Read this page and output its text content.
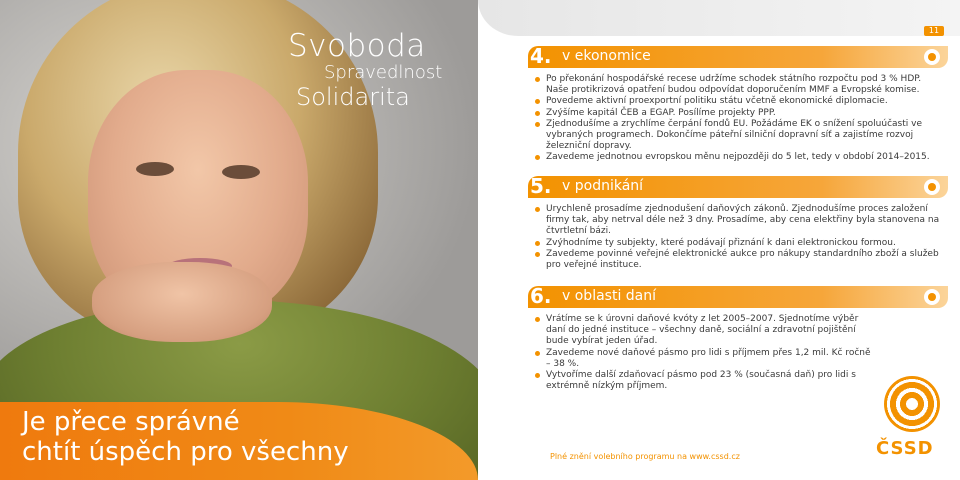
Svoboda
Spravedlnost
Solidarita
Je přece správné
chtít úspěch pro všechny
11
4. v ekonomice
Po překonání hospodářské recese udržíme schodek státního rozpočtu pod 3 % HDP. Naše protikrizová opatření budou odpovídat doporučením MMF a Evropské komise.
Povedeme aktivní proexportní politiku státu včetně ekonomické diplomacie.
Zvýšíme kapitál ČEB a EGAP. Posílíme projekty PPP.
Zjednodušíme a zrychlíme čerpání fondů EU. Požádáme EK o snížení spoluúčasti ve vybraných programech. Dokončíme páteřní silniční dopravní síť a zajistíme rozvoj železniční dopravy.
Zavedeme jednotnou evropskou měnu nejpozději do 5 let, tedy v období 2014–2015.
5. v podnikání
Urychleně prosadíme zjednodušení daňových zákonů. Zjednodušíme proces založení firmy tak, aby netrval déle než 3 dny. Prosadíme, aby cena elektřiny byla stanovena na čtvrtletní bázi.
Zvýhodníme ty subjekty, které podávají přiznání k dani elektronickou formou.
Zavedeme povinné veřejné elektronické aukce pro nákupy standardního zboží a služeb pro veřejné instituce.
6. v oblasti daní
Vrátíme se k úrovni daňové kvóty z let 2005–2007. Sjednotíme výběr daní do jedné instituce – všechny daně, sociální a zdravotní pojištění bude vybírat jeden úřad.
Zavedeme nové daňové pásmo pro lidi s příjmem přes 1,2 mil. Kč ročně – 38 %.
Vytvoříme další zdaňovací pásmo pod 23 % (současná daň) pro lidi s extrémně nízkým příjmem.
Plné znění volebního programu na www.cssd.cz	ČSSD
